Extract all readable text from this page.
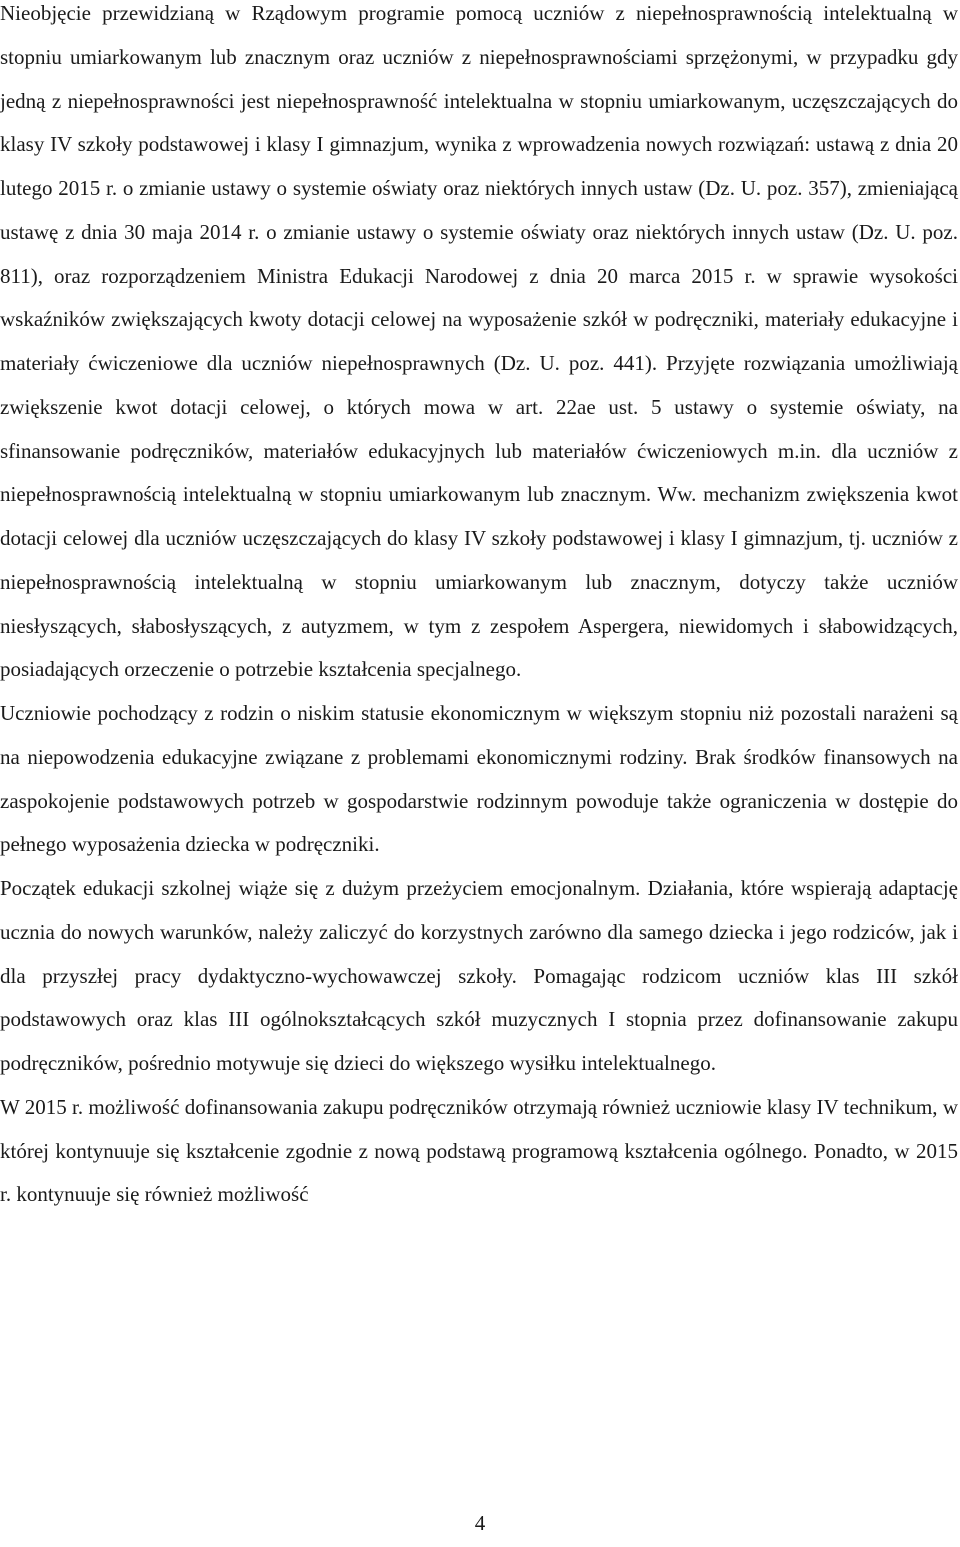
Nieobjęcie przewidzianą w Rządowym programie pomocą uczniów z niepełnosprawnością intelektualną w stopniu umiarkowanym lub znacznym oraz uczniów z niepełnosprawnościami sprzężonymi, w przypadku gdy jedną z niepełnosprawności jest niepełnosprawność intelektualna w stopniu umiarkowanym, uczęszczających do klasy IV szkoły podstawowej i klasy I gimnazjum, wynika z wprowadzenia nowych rozwiązań: ustawą z dnia 20 lutego 2015 r. o zmianie ustawy o systemie oświaty oraz niektórych innych ustaw (Dz. U. poz. 357), zmieniającą ustawę z dnia 30 maja 2014 r. o zmianie ustawy o systemie oświaty oraz niektórych innych ustaw (Dz. U. poz. 811), oraz rozporządzeniem Ministra Edukacji Narodowej z dnia 20 marca 2015 r. w sprawie wysokości wskaźników zwiększających kwoty dotacji celowej na wyposażenie szkół w podręczniki, materiały edukacyjne i materiały ćwiczeniowe dla uczniów niepełnosprawnych (Dz. U. poz. 441). Przyjęte rozwiązania umożliwiają zwiększenie kwot dotacji celowej, o których mowa w art. 22ae ust. 5 ustawy o systemie oświaty, na sfinansowanie podręczników, materiałów edukacyjnych lub materiałów ćwiczeniowych m.in. dla uczniów z niepełnosprawnością intelektualną w stopniu umiarkowanym lub znacznym. Ww. mechanizm zwiększenia kwot dotacji celowej dla uczniów uczęszczających do klasy IV szkoły podstawowej i klasy I gimnazjum, tj. uczniów z niepełnosprawnością intelektualną w stopniu umiarkowanym lub znacznym, dotyczy także uczniów niesłyszących, słabosłyszących, z autyzmem, w tym z zespołem Aspergera, niewidomych i słabowidzących, posiadających orzeczenie o potrzebie kształcenia specjalnego.

Uczniowie pochodzący z rodzin o niskim statusie ekonomicznym w większym stopniu niż pozostali narażeni są na niepowodzenia edukacyjne związane z problemami ekonomicznymi rodziny. Brak środków finansowych na zaspokojenie podstawowych potrzeb w gospodarstwie rodzinnym powoduje także ograniczenia w dostępie do pełnego wyposażenia dziecka w podręczniki.

Początek edukacji szkolnej wiąże się z dużym przeżyciem emocjonalnym. Działania, które wspierają adaptację ucznia do nowych warunków, należy zaliczyć do korzystnych zarówno dla samego dziecka i jego rodziców, jak i dla przyszłej pracy dydaktyczno-wychowawczej szkoły. Pomagając rodzicom uczniów klas III szkół podstawowych oraz klas III ogólnokształcących szkół muzycznych I stopnia przez dofinansowanie zakupu podręczników, pośrednio motywuje się dzieci do większego wysiłku intelektualnego.

W 2015 r. możliwość dofinansowania zakupu podręczników otrzymają również uczniowie klasy IV technikum, w której kontynuuje się kształcenie zgodnie z nową podstawą programową kształcenia ogólnego. Ponadto, w 2015 r. kontynuuje się również możliwość

4
